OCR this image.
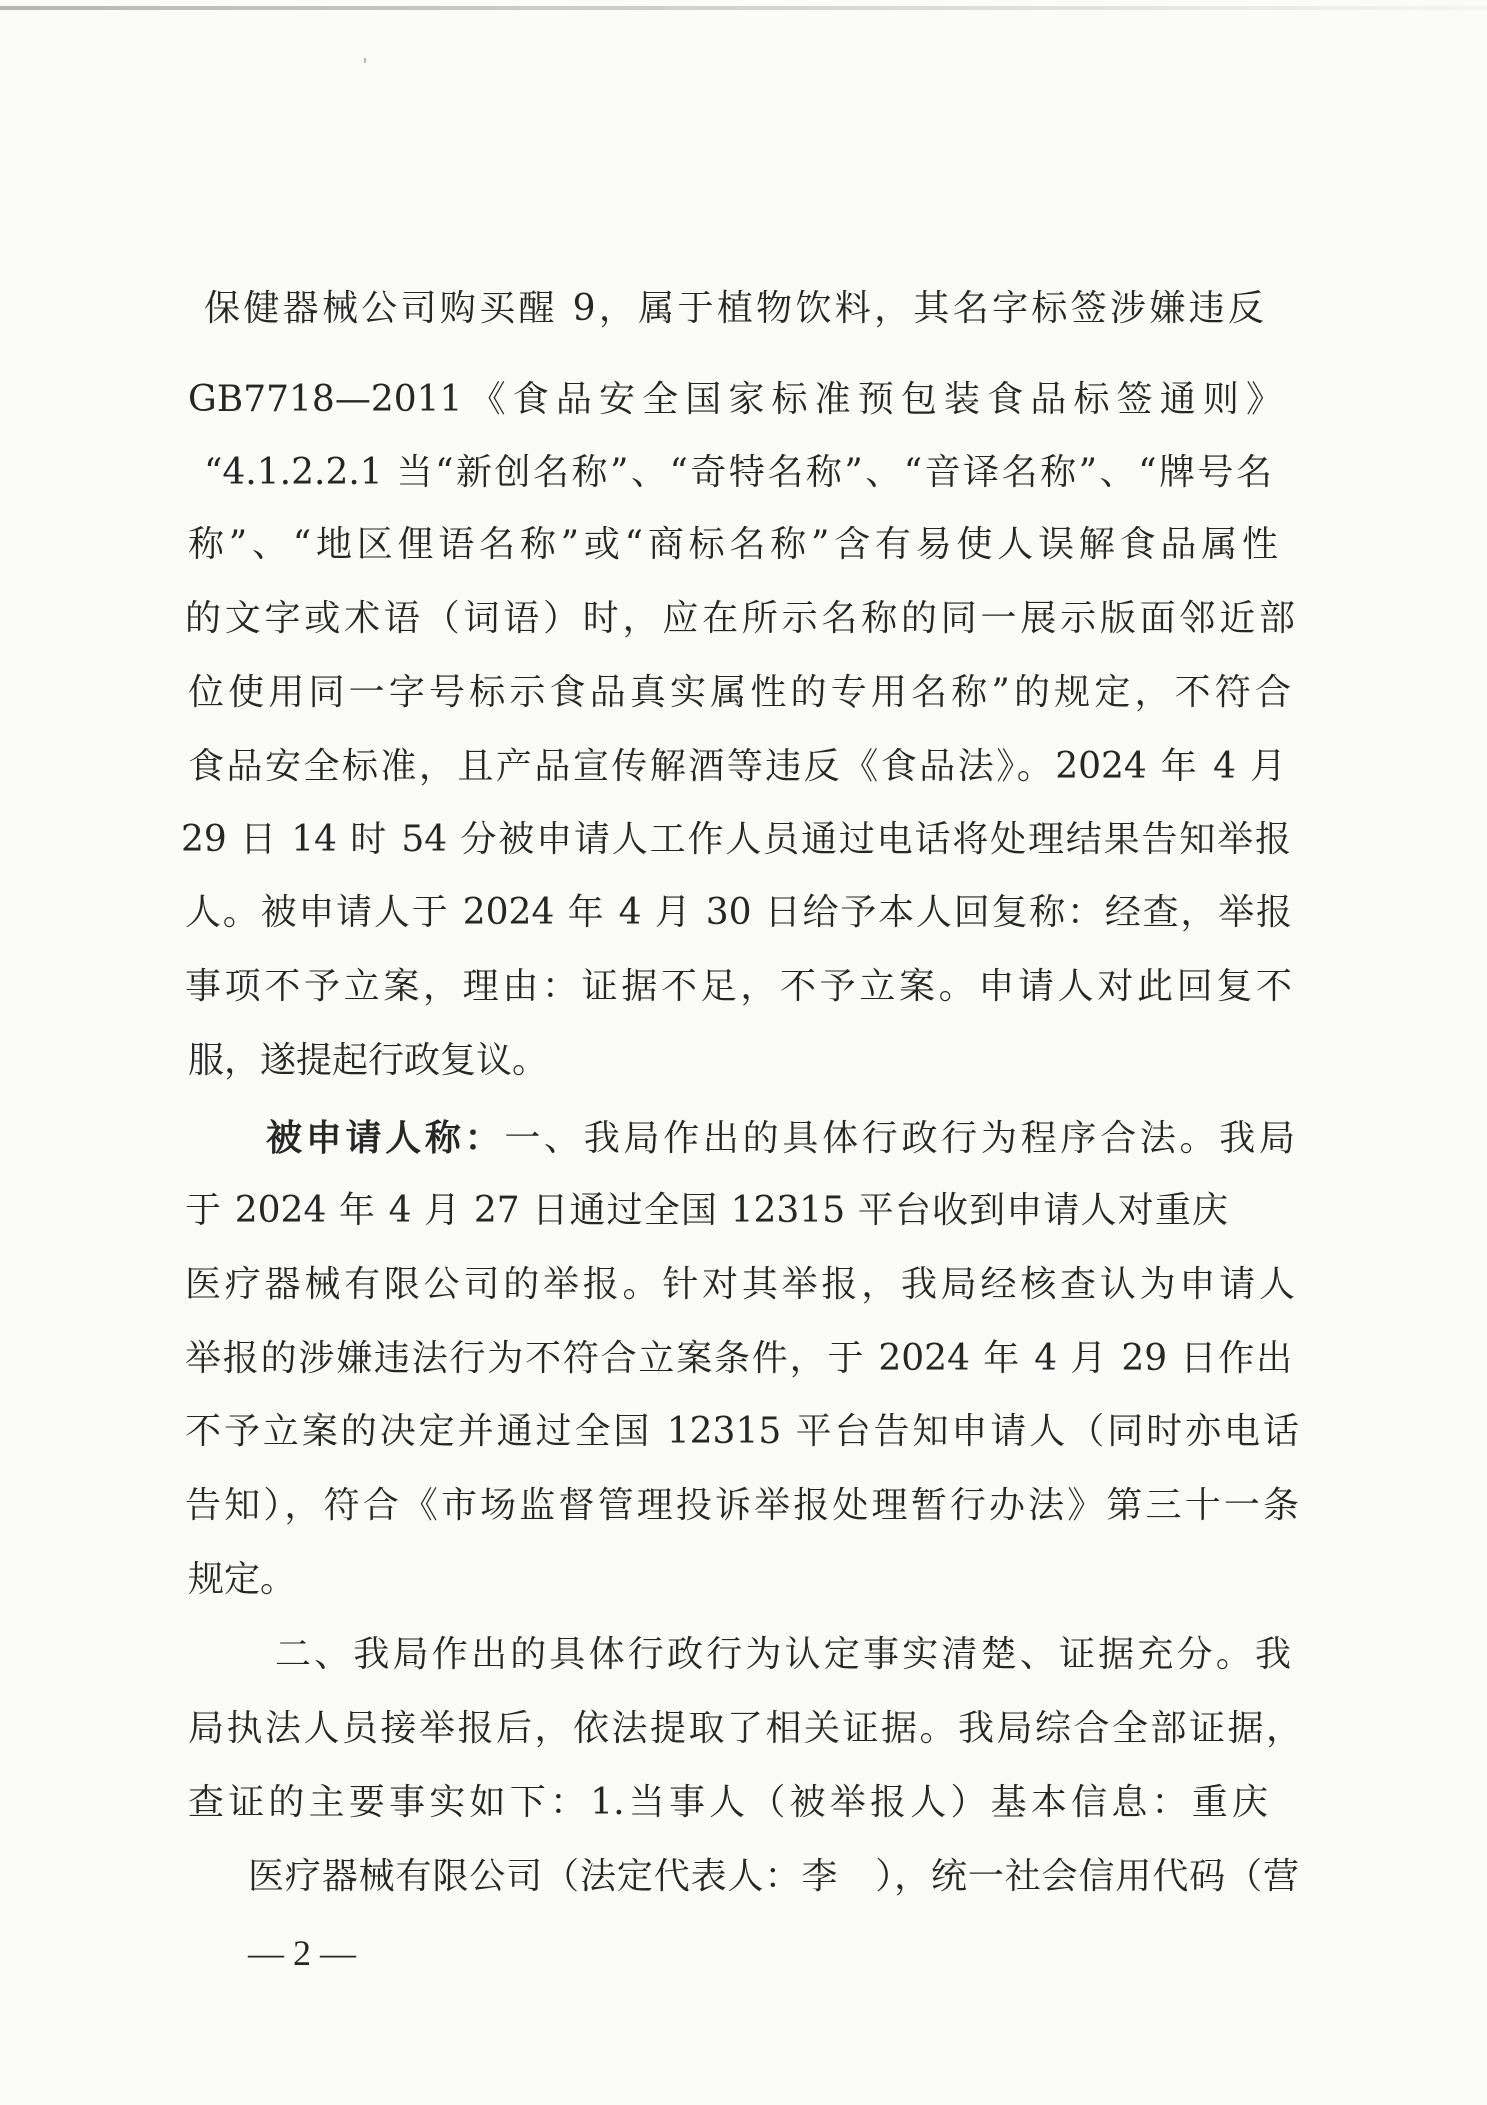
保健器械公司购买醒 9，属于植物饮料，其名字标签涉嫌违反
GB7718—2011《食品安全国家标准预包装食品标签通则》
“4.1.2.2.1 当“新创名称”、“奇特名称”、“音译名称”、“牌号名
称”、“地区俚语名称”或“商标名称”含有易使人误解食品属性
的文字或术语（词语）时，应在所示名称的同一展示版面邻近部
位使用同一字号标示食品真实属性的专用名称”的规定，不符合
食品安全标准，且产品宣传解酒等违反《食品法》。2024 年 4 月
29 日 14 时 54 分被申请人工作人员通过电话将处理结果告知举报
人。被申请人于 2024 年 4 月 30 日给予本人回复称：经查，举报
事项不予立案，理由：证据不足，不予立案。申请人对此回复不
服，遂提起行政复议。
被申请人称：一、我局作出的具体行政行为程序合法。我局
于 2024 年 4 月 27 日通过全国 12315 平台收到申请人对重庆
医疗器械有限公司的举报。针对其举报，我局经核查认为申请人
举报的涉嫌违法行为不符合立案条件，于 2024 年 4 月 29 日作出
不予立案的决定并通过全国 12315 平台告知申请人（同时亦电话
告知），符合《市场监督管理投诉举报处理暂行办法》第三十一条
规定。
二、我局作出的具体行政行为认定事实清楚、证据充分。我
局执法人员接举报后，依法提取了相关证据。我局综合全部证据，
查证的主要事实如下：1.当事人（被举报人）基本信息：重庆
医疗器械有限公司（法定代表人：李   ），统一社会信用代码（营
— 2 —
